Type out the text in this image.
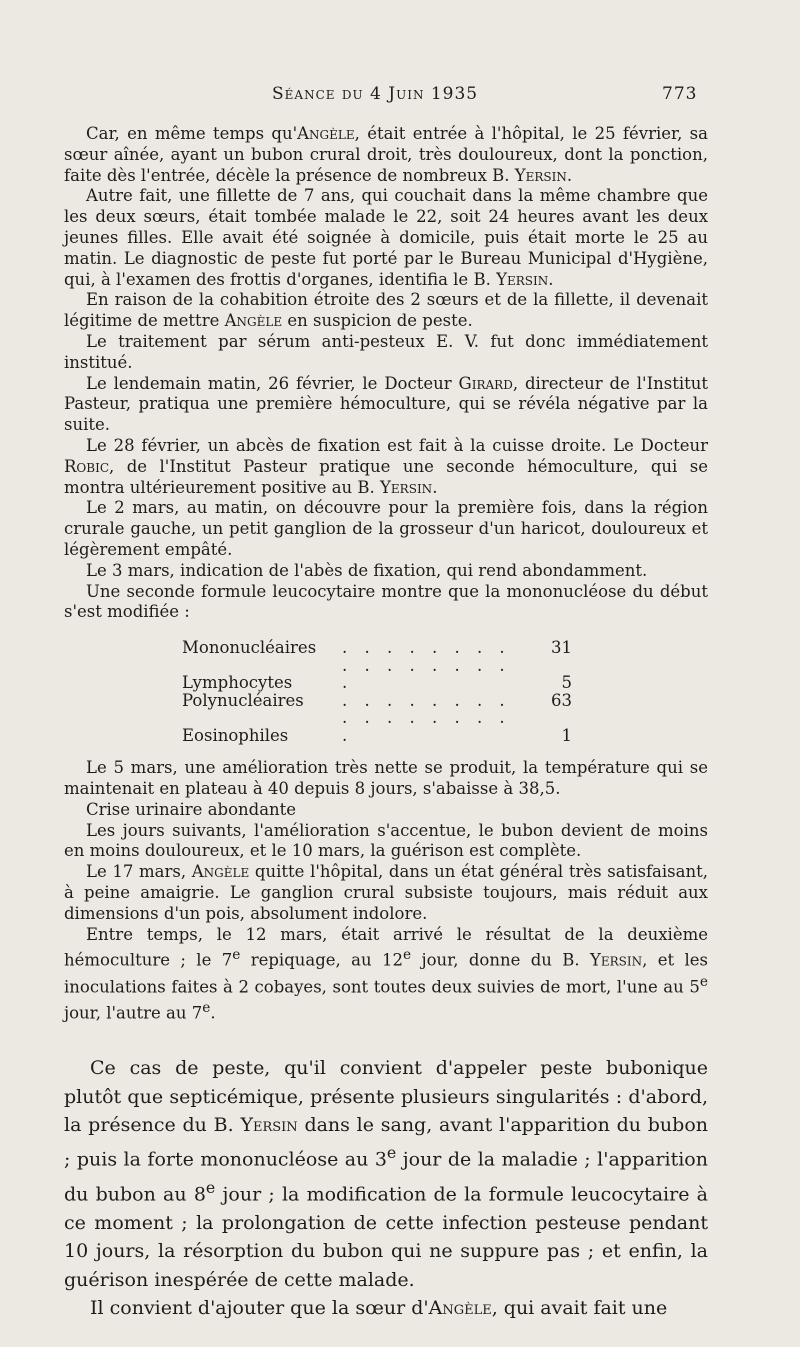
Séance du 4 Juin 1935	773

Car, en même temps qu'Angèle, était entrée à l'hôpital, le 25 février, sa sœur aînée, ayant un bubon crural droit, très douloureux, dont la ponction, faite dès l'entrée, décèle la présence de nombreux B. Yersin.

Autre fait, une fillette de 7 ans, qui couchait dans la même chambre que les deux sœurs, était tombée malade le 22, soit 24 heures avant les deux jeunes filles. Elle avait été soignée à domicile, puis était morte le 25 au matin. Le diagnostic de peste fut porté par le Bureau Municipal d'Hygiène, qui, à l'examen des frottis d'organes, identifia le B. Yersin.

En raison de la cohabition étroite des 2 sœurs et de la fillette, il devenait légitime de mettre Angèle en suspicion de peste.

Le traitement par sérum anti-pesteux E. V. fut donc immédiatement institué.

Le lendemain matin, 26 février, le Docteur Girard, directeur de l'Institut Pasteur, pratiqua une première hémoculture, qui se révéla négative par la suite.

Le 28 février, un abcès de fixation est fait à la cuisse droite. Le Docteur Robic, de l'Institut Pasteur pratique une seconde hémoculture, qui se montra ultérieurement positive au B. Yersin.

Le 2 mars, au matin, on découvre pour la première fois, dans la région crurale gauche, un petit ganglion de la grosseur d'un haricot, douloureux et légèrement empâté.

Le 3 mars, indication de l'abès de fixation, qui rend abondamment.

Une seconde formule leucocytaire montre que la mononucléose du début s'est modifiée :

Mononucléaires	. . . . . . . .	31
Lymphocytes	. . . . . . . . .	5
Polynucléaires	. . . . . . . .	63
Eosinophiles	. . . . . . . . .	1

Le 5 mars, une amélioration très nette se produit, la température qui se maintenait en plateau à 40 depuis 8 jours, s'abaisse à 38,5.

Crise urinaire abondante

Les jours suivants, l'amélioration s'accentue, le bubon devient de moins en moins douloureux, et le 10 mars, la guérison est complète.

Le 17 mars, Angèle quitte l'hôpital, dans un état général très satisfaisant, à peine amaigrie. Le ganglion crural subsiste toujours, mais réduit aux dimensions d'un pois, absolument indolore.

Entre temps, le 12 mars, était arrivé le résultat de la deuxième hémoculture ; le 7e repiquage, au 12e jour, donne du B. Yersin, et les inoculations faites à 2 cobayes, sont toutes deux suivies de mort, l'une au 5e jour, l'autre au 7e.

Ce cas de peste, qu'il convient d'appeler peste bubonique plutôt que septicémique, présente plusieurs singularités : d'abord, la présence du B. Yersin dans le sang, avant l'apparition du bubon ; puis la forte mononucléose au 3e jour de la maladie ; l'apparition du bubon au 8e jour ; la modification de la formule leucocytaire à ce moment ; la prolongation de cette infection pesteuse pendant 10 jours, la résorption du bubon qui ne suppure pas ; et enfin, la guérison inespérée de cette malade.

Il convient d'ajouter que la sœur d'Angèle, qui avait fait une
